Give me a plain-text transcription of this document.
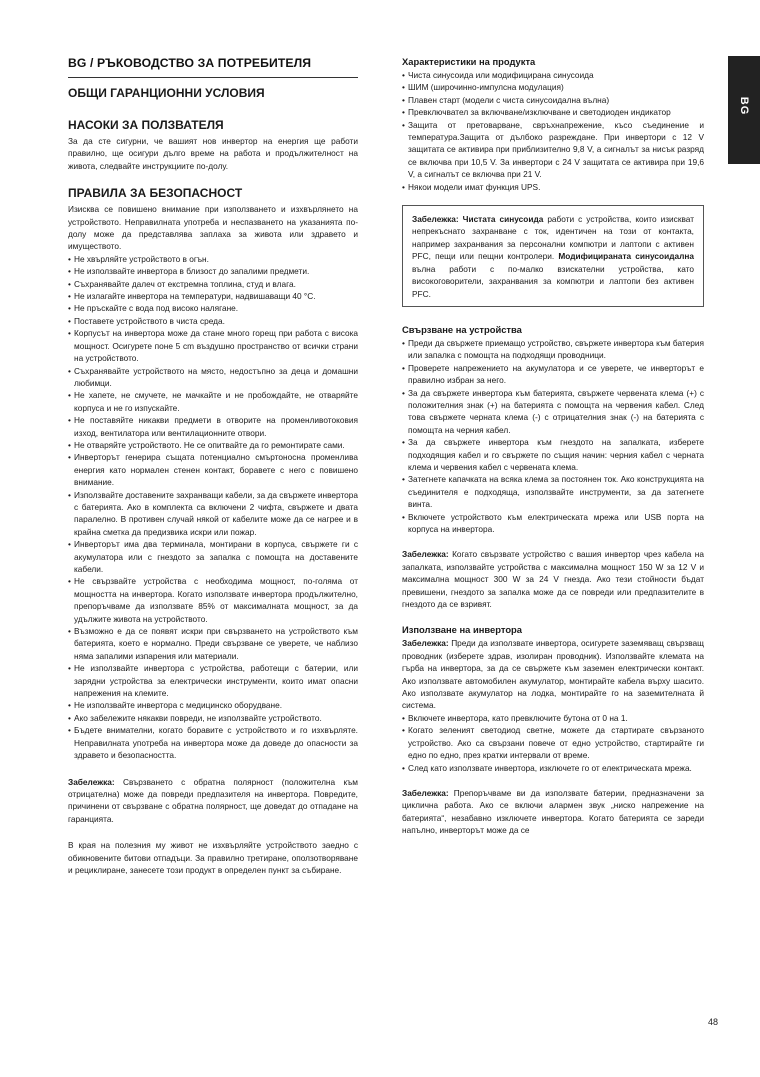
BG / РЪКОВОДСТВО ЗА ПОТРЕБИТЕЛЯ
ОБЩИ ГАРАНЦИОННИ УСЛОВИЯ
НАСОКИ ЗА ПОЛЗВАТЕЛЯ

За да сте сигурни, че вашият нов инвертор на енергия ще работи правилно, ще осигури дълго време на работа и продължителност на живота, следвайте инструкциите по-долу.

ПРАВИЛА ЗА БЕЗОПАСНОСТ

Изисква се повишено внимание при използването и изхвърлянето на устройството. Неправилната употреба и неспазването на указанията по-долу може да представлява заплаха за живота или здравето и имуществото.

• Не хвърляйте устройството в огън.
• Не използвайте инвертора в близост до запалими предмети.
• Съхранявайте далеч от екстремна топлина, студ и влага.
• Не излагайте инвертора на температури, надвишаващи 40 °C.
• Не пръскайте с вода под високо налягане.
• Поставете устройството в чиста среда.
• Корпусът на инвертора може да стане много горещ при работа с висока мощност. Осигурете поне 5 cm въздушно пространство от всички страни на устройството.
• Съхранявайте устройството на място, недостъпно за деца и домашни любимци.
• Не хапете, не смучете, не мачкайте и не пробождайте, не отваряйте корпуса и не го изпускайте.
• Не поставяйте никакви предмети в отворите на променливотоковия изход, вентилатора или вентилационните отвори.
• Не отваряйте устройството. Не се опитвайте да го ремонтирате сами.
• Инверторът генерира същата потенциално смъртоносна променлива енергия като нормален стенен контакт, боравете с него с повишено внимание.
• Използвайте доставените захранващи кабели, за да свържете инвертора с батерията. Ако в комплекта са включени 2 чифта, свържете и двата паралелно. В противен случай някой от кабелите може да се нагрее и в крайна сметка да предизвика искри или пожар.
• Инверторът има два терминала, монтирани в корпуса, свържете ги с акумулатора или с гнездото за запалка с помощта на доставените кабели.
• Не свързвайте устройства с необходима мощност, по-голяма от мощността на инвертора. Когато използвате инвертора продължително, препоръчваме да използвате 85% от максималната мощност, за да удължите живота на устройството.
• Възможно е да се появят искри при свързването на устройството към батерията, което е нормално. Преди свързване се уверете, че наблизо няма запалими изпарения или материали.
• Не използвайте инвертора с устройства, работещи с батерии, или зарядни устройства за електрически инструменти, които имат опасни напрежения на клемите.
• Не използвайте инвертора с медицинско оборудване.
• Ако забележите някакви повреди, не използвайте устройството.
• Бъдете внимателни, когато боравите с устройството и го изхвърляте. Неправилната употреба на инвертора може да доведе до опасности за здравето и безопасността.

Забележка: Свързването с обратна полярност (положителна към отрицателна) може да повреди предпазителя на инвертора. Повредите, причинени от свързване с обратна полярност, ще доведат до отпадане на гаранцията.

В края на полезния му живот не изхвърляйте устройството заедно с обикновените битови отпадъци. За правилно третиране, оползотворяване и рециклиране, занесете този продукт в определен пункт за събиране.

Характеристики на продукта
• Чиста синусоида или модифицирана синусоида
• ШИМ (широчинно-импулсна модулация)
• Плавен старт (модели с чиста синусоидална вълна)
• Превключвател за включване/изключване и светодиоден индикатор
• Защита от претоварване, свръхнапрежение, късо съединение и температура.Защита от дълбоко разреждане. При инвертори с 12 V защитата се активира при приблизително 9,8 V, а сигналът за нисък разряд се включва при 10,5 V. За инвертори с 24 V защитата се активира при 19,6 V, а сигналът се включва при 21 V.
• Някои модели имат функция UPS.

Забележка: Чистата синусоида работи с устройства, които изискват непрекъснато захранване с ток, идентичен на този от контакта, например захранвания за персонални компютри и лаптопи с активен PFC, пещи или пещни контролери. Модифицираната синусоидална вълна работи с по-малко взискателни устройства, като високоговорители, захранвания за компютри и лаптопи без активен PFC.

Свързване на устройства
• Преди да свържете приемащо устройство, свържете инвертора към батерия или запалка с помощта на подходящи проводници.
• Проверете напрежението на акумулатора и се уверете, че инверторът е правилно избран за него.
• За да свържете инвертора към батерията, свържете червената клема (+) с положителния знак (+) на батерията с помощта на червения кабел. След това свържете черната клема (-) с отрицателния знак (-) на батерията с помощта на черния кабел.
• За да свържете инвертора към гнездото на запалката, изберете подходящия кабел и го свържете по същия начин: черния кабел с черната клема и червения кабел с червената клема.
• Затегнете капачката на всяка клема за постоянен ток. Ако конструкцията на съединителя е подходяща, използвайте инструменти, за да затегнете винта.
• Включете устройството към електрическата мрежа или USB порта на корпуса на инвертора.

Забележка: Когато свързвате устройство с вашия инвертор чрез кабела на запалката, използвайте устройства с максимална мощност 150 W за 12 V и максимална мощност 300 W за 24 V гнезда. Ако тези стойности бъдат превишени, гнездото за запалка може да се повреди или предпазителите в гнездото да се взривят.

Използване на инвертора

Забележка: Преди да използвате инвертора, осигурете заземяващ свързващ проводник (изберете здрав, изолиран проводник). Използвайте клемата на гърба на инвертора, за да се свържете към заземен електрически контакт. Ако използвате автомобилен акумулатор, монтирайте кабела върху шасито. Ако използвате акумулатор на лодка, монтирайте го на заземителната й система.

• Включете инвертора, като превключите бутона от 0 на 1.
• Когато зеленият светодиод светне, можете да стартирате свързаното устройство. Ако са свързани повече от едно устройство, стартирайте ги едно по едно, през кратки интервали от време.
• След като използвате инвертора, изключете го от електрическата мрежа.

Забележка: Препоръчваме ви да използвате батерии, предназначени за циклична работа. Ако се включи алармен звук „ниско напрежение на батерията“, незабавно изключете инвертора. Когато батерията се зареди напълно, инверторът може да се

BG
48
